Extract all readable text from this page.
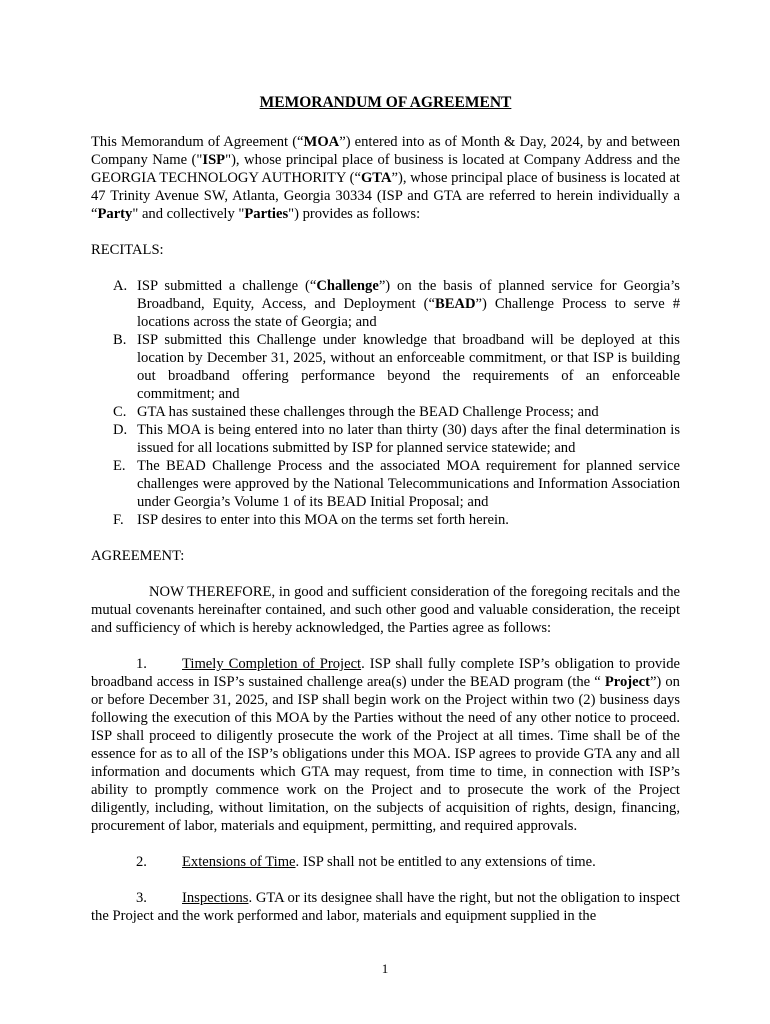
MEMORANDUM OF AGREEMENT

This Memorandum of Agreement (“MOA”) entered into as of Month & Day, 2024, by and between Company Name ("ISP"), whose principal place of business is located at Company Address and the GEORGIA TECHNOLOGY AUTHORITY (“GTA”), whose principal place of business is located at 47 Trinity Avenue SW, Atlanta, Georgia 30334 (ISP and GTA are referred to herein individually a “Party" and collectively "Parties") provides as follows:

RECITALS:

A. ISP submitted a challenge (“Challenge”) on the basis of planned service for Georgia’s Broadband, Equity, Access, and Deployment (“BEAD”) Challenge Process to serve # locations across the state of Georgia; and
B. ISP submitted this Challenge under knowledge that broadband will be deployed at this location by December 31, 2025, without an enforceable commitment, or that ISP is building out broadband offering performance beyond the requirements of an enforceable commitment; and
C. GTA has sustained these challenges through the BEAD Challenge Process; and
D. This MOA is being entered into no later than thirty (30) days after the final determination is issued for all locations submitted by ISP for planned service statewide; and
E. The BEAD Challenge Process and the associated MOA requirement for planned service challenges were approved by the National Telecommunications and Information Association under Georgia’s Volume 1 of its BEAD Initial Proposal; and
F. ISP desires to enter into this MOA on the terms set forth herein.

AGREEMENT:

NOW THEREFORE, in good and sufficient consideration of the foregoing recitals and the mutual covenants hereinafter contained, and such other good and valuable consideration, the receipt and sufficiency of which is hereby acknowledged, the Parties agree as follows:

1. Timely Completion of Project. ISP shall fully complete ISP’s obligation to provide broadband access in ISP’s sustained challenge area(s) under the BEAD program (the “ Project”) on or before December 31, 2025, and ISP shall begin work on the Project within two (2) business days following the execution of this MOA by the Parties without the need of any other notice to proceed. ISP shall proceed to diligently prosecute the work of the Project at all times. Time shall be of the essence for as to all of the ISP’s obligations under this MOA. ISP agrees to provide GTA any and all information and documents which GTA may request, from time to time, in connection with ISP’s ability to promptly commence work on the Project and to prosecute the work of the Project diligently, including, without limitation, on the subjects of acquisition of rights, design, financing, procurement of labor, materials and equipment, permitting, and required approvals.

2. Extensions of Time. ISP shall not be entitled to any extensions of time.

3. Inspections. GTA or its designee shall have the right, but not the obligation to inspect the Project and the work performed and labor, materials and equipment supplied in the

1
